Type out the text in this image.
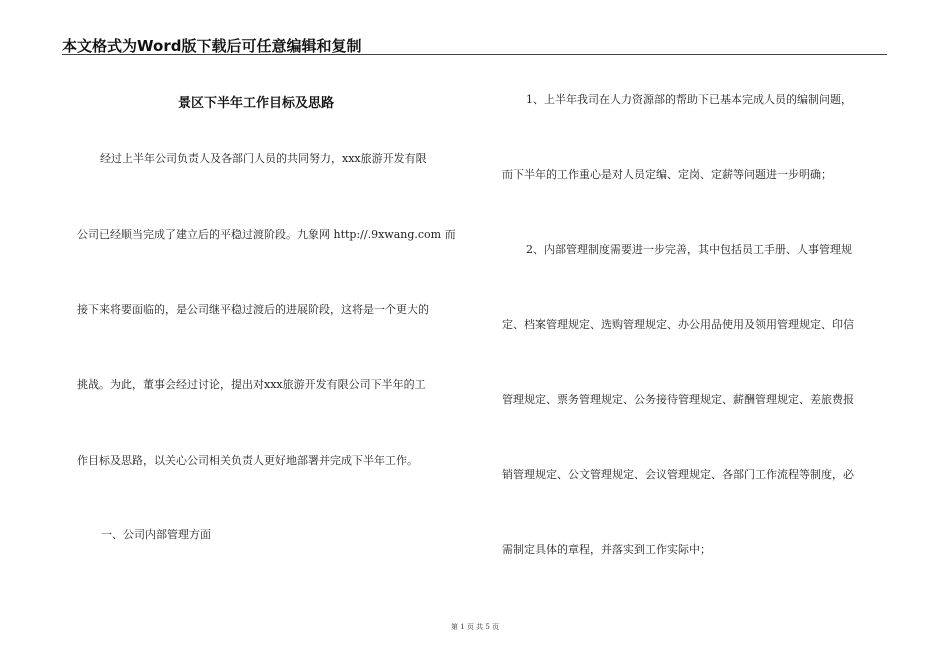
本文格式为Word版下载后可任意编辑和复制
景区下半年工作目标及思路
经过上半年公司负责人及各部门人员的共同努力，xxx旅游开发有限
公司已经顺当完成了建立后的平稳过渡阶段。九象网 http://.9xwang.com 而
接下来将要面临的，是公司继平稳过渡后的进展阶段，这将是一个更大的
挑战。为此，董事会经过讨论，提出对xxx旅游开发有限公司下半年的工
作目标及思路，以关心公司相关负责人更好地部署并完成下半年工作。
一、公司内部管理方面
1、上半年我司在人力资源部的帮助下已基本完成人员的编制问题，
而下半年的工作重心是对人员定编、定岗、定薪等问题进一步明确；
2、内部管理制度需要进一步完善，其中包括员工手册、人事管理规
定、档案管理规定、选购管理规定、办公用品使用及领用管理规定、印信
管理规定、票务管理规定、公务接待管理规定、薪酬管理规定、差旅费报
销管理规定、公文管理规定、会议管理规定、各部门工作流程等制度，必
需制定具体的章程，并落实到工作实际中；
第 1 页 共 5 页
